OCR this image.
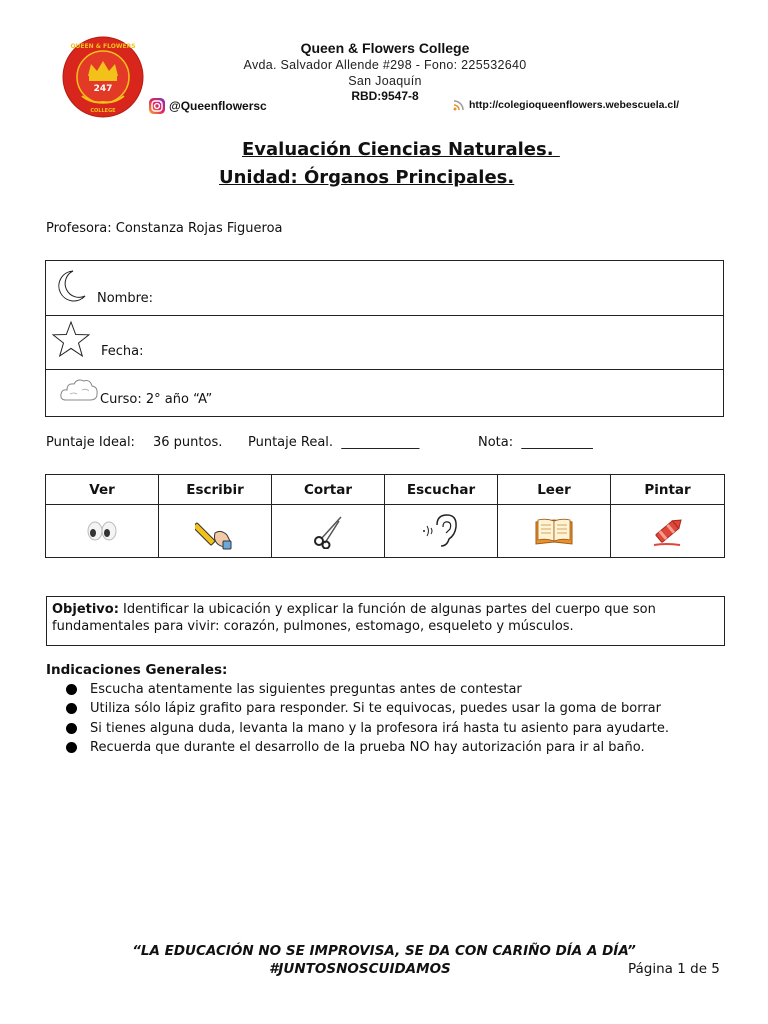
247
QUEEN & FLOWERS
COLLEGE
Queen & Flowers College
Avda. Salvador Allende #298 - Fono: 225532640
San Joaquín
RBD:9547-8
@Queenflowersc	http://colegioqueenflowers.webescuela.cl/
Evaluación Ciencias Naturales.
Unidad: Órganos Principales.
Profesora: Constanza Rojas Figueroa
Nombre:
Fecha:
Curso: 2° año “A”
Puntaje Ideal: 36 puntos. Puntaje Real.  ____________	Nota:  ___________
Ver	Escribir	Cortar	Escuchar	Leer	Pintar
Objetivo: Identificar la ubicación y explicar la función de algunas partes del cuerpo que son fundamentales para vivir: corazón, pulmones, estomago, esqueleto y músculos.
Indicaciones Generales:
Escucha atentamente las siguientes preguntas antes de contestar
Utiliza sólo lápiz grafito para responder. Si te equivocas, puedes usar la goma de borrar
Si tienes alguna duda, levanta la mano y la profesora irá hasta tu asiento para ayudarte.
Recuerda que durante el desarrollo de la prueba NO hay autorización para ir al baño.
“LA EDUCACIÓN NO SE IMPROVISA, SE DA CON CARIÑO DÍA A DÍA”
#JUNTOSNOSCUIDAMOS	Página 1 de 5
